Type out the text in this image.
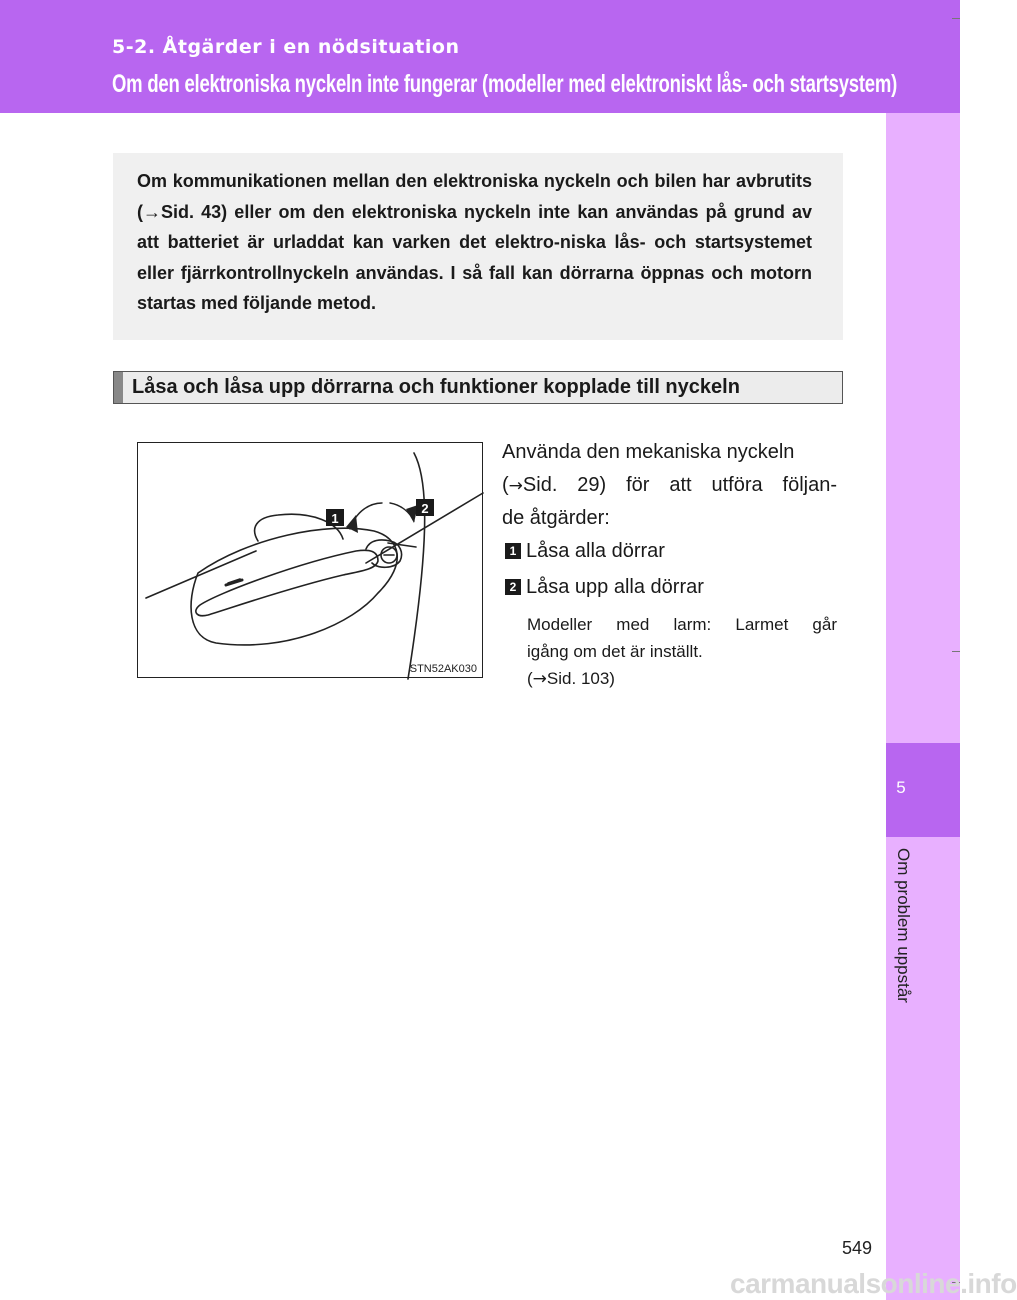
5-2. Åtgärder i en nödsituation
Om den elektroniska nyckeln inte fungerar (modeller med elektroniskt lås- och startsystem)
5
Om problem uppstår

Om kommunikationen mellan den elektroniska nyckeln och bilen har avbrutits (→Sid. 43) eller om den elektroniska nyckeln inte kan användas på grund av att batteriet är urladdat kan varken det elektro-niska lås- och startsystemet eller fjärrkontrollnyckeln användas. I så fall kan dörrarna öppnas och motorn startas med följande metod.

Låsa och låsa upp dörrarna och funktioner kopplade till nyckeln
1
2
STN52AK030
Använda den mekaniska nyckeln
(→Sid. 29) för att utföra följan-
de åtgärder:
1 Låsa alla dörrar
2 Låsa upp alla dörrar
Modeller med larm: Larmet går
igång om det är inställt.
(→Sid. 103)
549
carmanualsonline.info
